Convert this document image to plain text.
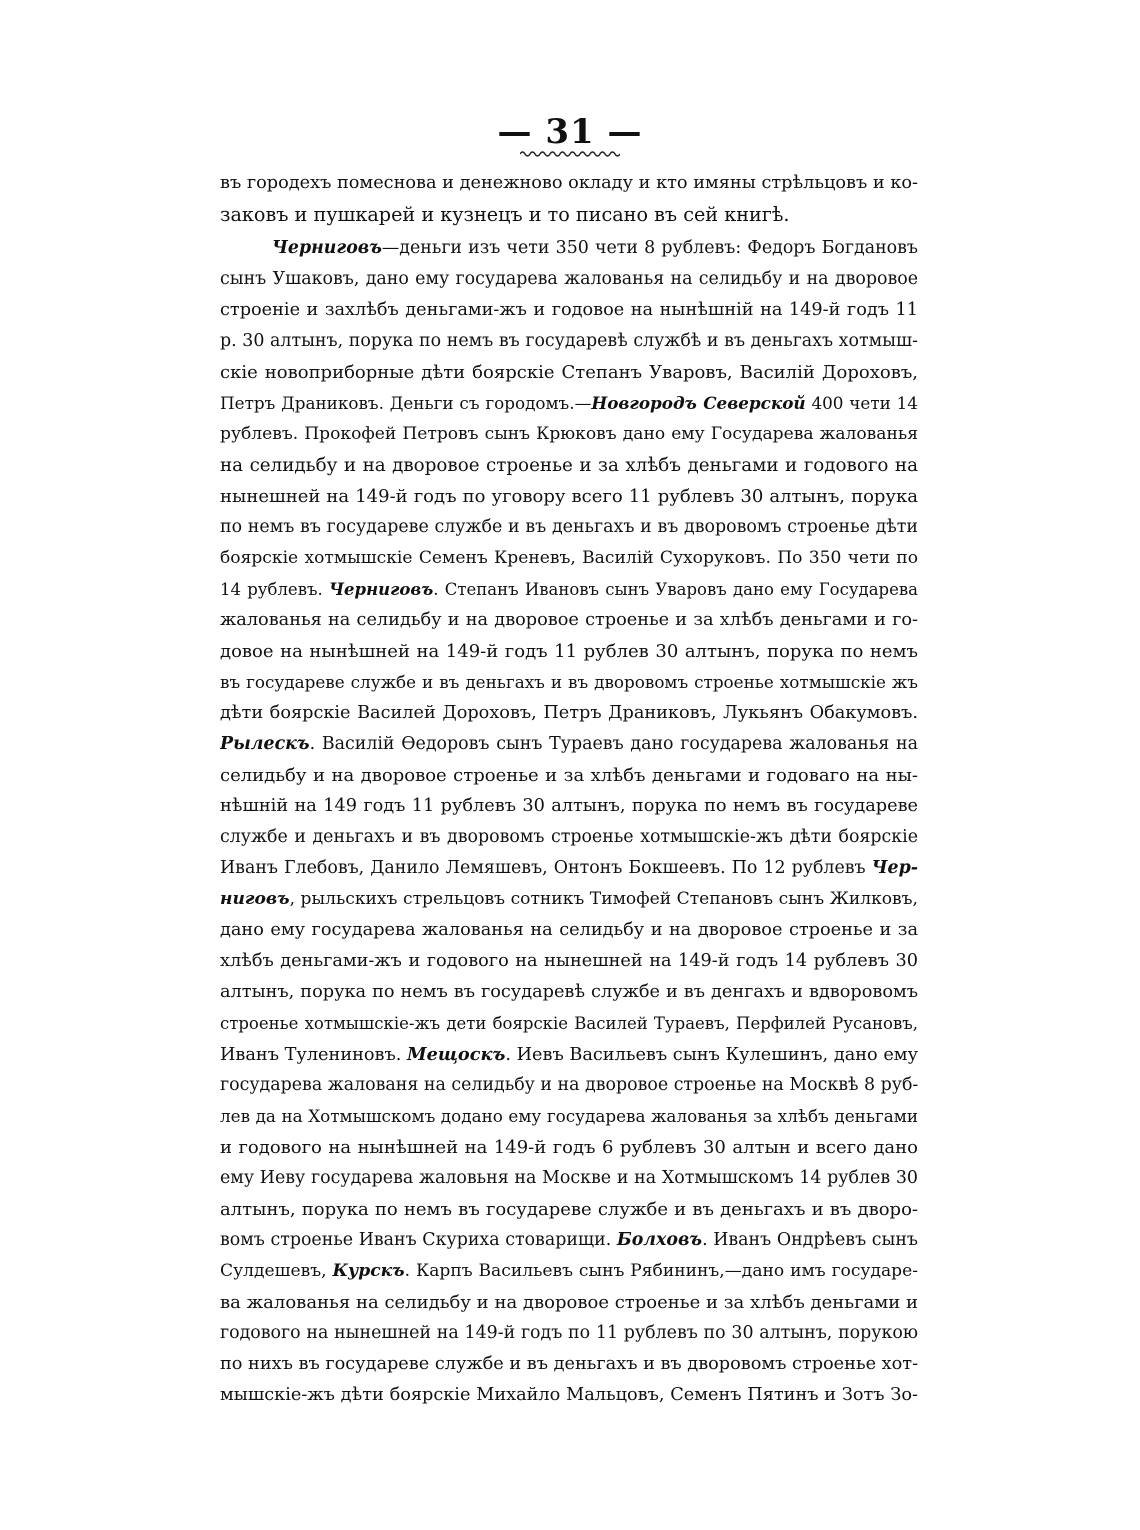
— 31 —
въ городехъ помеснова и денежново окладу и кто имяны стрѣльцовъ и ко-
заковъ и пушкарей и кузнецъ и то писано въ сей книгѣ.
Черниговъ—деньги изъ чети 350 чети 8 рублевъ: Федоръ Богдановъ
сынъ Ушаковъ, дано ему государева жалованья на селидьбу и на дворовое
строеніе и захлѣбъ деньгами-жъ и годовое на нынѣшній на 149-й годъ 11
р. 30 алтынъ, порука по немъ въ государевѣ службѣ и въ деньгахъ хотмыш-
скіе новоприборные дѣти боярскіе Степанъ Уваровъ, Василій Дороховъ,
Петръ Драниковъ. Деньги съ городомъ.—Новгородъ Северской 400 чети 14
рублевъ. Прокофей Петровъ сынъ Крюковъ дано ему Государева жалованья
на селидьбу и на дворовое строенье и за хлѣбъ деньгами и годового на
нынешней на 149-й годъ по уговору всего 11 рублевъ 30 алтынъ, порука
по немъ въ государеве службе и въ деньгахъ и въ дворовомъ строенье дѣти
боярскіе хотмышскіе Семенъ Креневъ, Василій Сухоруковъ. По 350 чети по
14 рублевъ. Черниговъ. Степанъ Ивановъ сынъ Уваровъ дано ему Государева
жалованья на селидьбу и на дворовое строенье и за хлѣбъ деньгами и го-
довое на нынѣшней на 149-й годъ 11 рублев 30 алтынъ, порука по немъ
въ государеве службе и въ деньгахъ и въ дворовомъ строенье хотмышскіе жъ
дѣти боярскіе Василей Дороховъ, Петръ Драниковъ, Лукьянъ Обакумовъ.
Рылескъ. Василій Өедоровъ сынъ Тураевъ дано государева жалованья на
селидьбу и на дворовое строенье и за хлѣбъ деньгами и годоваго на ны-
нѣшній на 149 годъ 11 рублевъ 30 алтынъ, порука по немъ въ государеве
службе и деньгахъ и въ дворовомъ строенье хотмышскіе-жъ дѣти боярскіе
Иванъ Глебовъ, Данило Лемяшевъ, Онтонъ Бокшеевъ. По 12 рублевъ Чер-
ниговъ, рыльскихъ стрельцовъ сотникъ Тимофей Степановъ сынъ Жилковъ,
дано ему государева жалованья на селидьбу и на дворовое строенье и за
хлѣбъ деньгами-жъ и годового на нынешней на 149-й годъ 14 рублевъ 30
алтынъ, порука по немъ въ государевѣ службе и въ денгахъ и вдворовомъ
строенье хотмышскіе-жъ дети боярскіе Василей Тураевъ, Перфилей Русановъ,
Иванъ Тулениновъ. Мещоскъ. Иевъ Васильевъ сынъ Кулешинъ, дано ему
государева жалованя на селидьбу и на дворовое строенье на Москвѣ 8 руб-
лев да на Хотмышскомъ додано ему государева жалованья за хлѣбъ деньгами
и годового на нынѣшней на 149-й годъ 6 рублевъ 30 алтын и всего дано
ему Иеву государева жаловьня на Москве и на Хотмышскомъ 14 рублев 30
алтынъ, порука по немъ въ государеве службе и въ деньгахъ и въ дворо-
вомъ строенье Иванъ Скуриха стоварищи. Болховъ. Иванъ Ондрѣевъ сынъ
Сулдешевъ, Курскъ. Карпъ Васильевъ сынъ Рябининъ,—дано имъ государе-
ва жалованья на селидьбу и на дворовое строенье и за хлѣбъ деньгами и
годового на нынешней на 149-й годъ по 11 рублевъ по 30 алтынъ, порукою
по нихъ въ государеве службе и въ деньгахъ и въ дворовомъ строенье хот-
мышскіе-жъ дѣти боярскіе Михайло Мальцовъ, Семенъ Пятинъ и Зотъ Зо-
